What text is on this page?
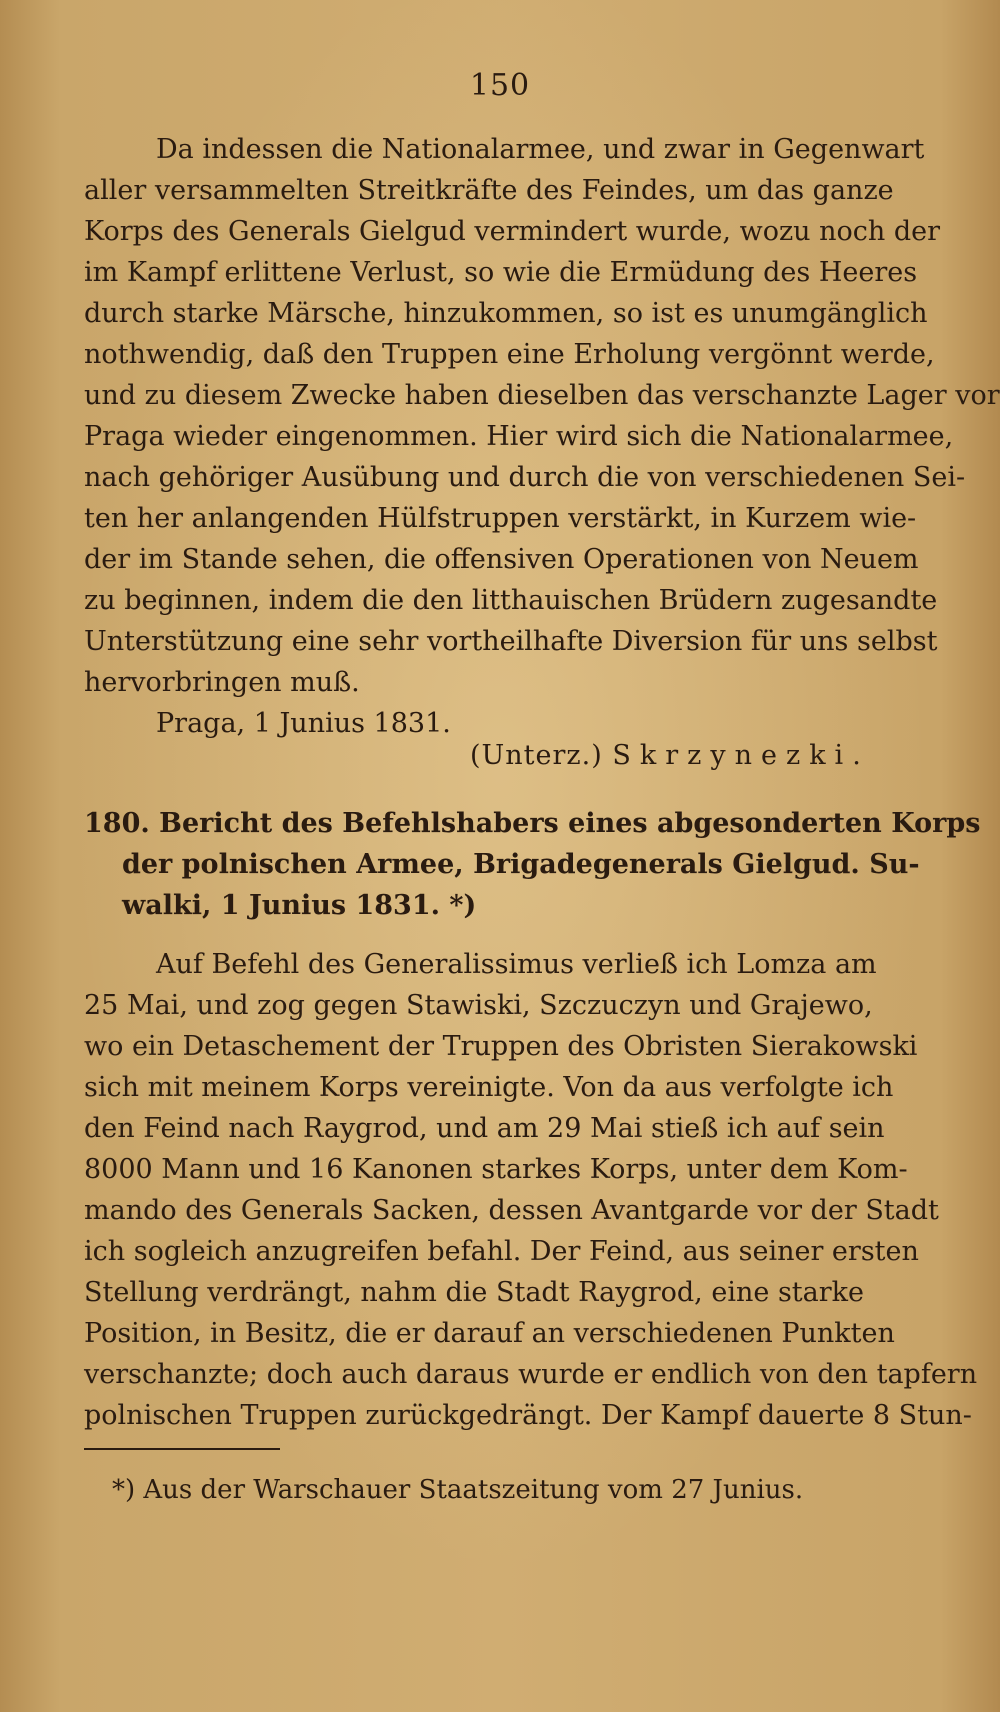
150
Da indessen die Nationalarmee, und zwar in Gegenwart
aller versammelten Streitkräfte des Feindes, um das ganze
Korps des Generals Gielgud vermindert wurde, wozu noch der
im Kampf erlittene Verlust, so wie die Ermüdung des Heeres
durch starke Märsche, hinzukommen, so ist es unumgänglich
nothwendig, daß den Truppen eine Erholung vergönnt werde,
und zu diesem Zwecke haben dieselben das verschanzte Lager vor
Praga wieder eingenommen. Hier wird sich die Nationalarmee,
nach gehöriger Ausübung und durch die von verschiedenen Sei-
ten her anlangenden Hülfstruppen verstärkt, in Kurzem wie-
der im Stande sehen, die offensiven Operationen von Neuem
zu beginnen, indem die den litthauischen Brüdern zugesandte
Unterstützung eine sehr vortheilhafte Diversion für uns selbst
hervorbringen muß.
Praga, 1 Junius 1831.
(Unterz.) Skrzynezki.
180. Bericht des Befehlshabers eines abgesonderten Korps
der polnischen Armee, Brigadegenerals Gielgud. Su-
walki, 1 Junius 1831. *)
Auf Befehl des Generalissimus verließ ich Lomza am
25 Mai, und zog gegen Stawiski, Szczuczyn und Grajewo,
wo ein Detaschement der Truppen des Obristen Sierakowski
sich mit meinem Korps vereinigte. Von da aus verfolgte ich
den Feind nach Raygrod, und am 29 Mai stieß ich auf sein
8000 Mann und 16 Kanonen starkes Korps, unter dem Kom-
mando des Generals Sacken, dessen Avantgarde vor der Stadt
ich sogleich anzugreifen befahl. Der Feind, aus seiner ersten
Stellung verdrängt, nahm die Stadt Raygrod, eine starke
Position, in Besitz, die er darauf an verschiedenen Punkten
verschanzte; doch auch daraus wurde er endlich von den tapfern
polnischen Truppen zurückgedrängt. Der Kampf dauerte 8 Stun-
*) Aus der Warschauer Staatszeitung vom 27 Junius.
